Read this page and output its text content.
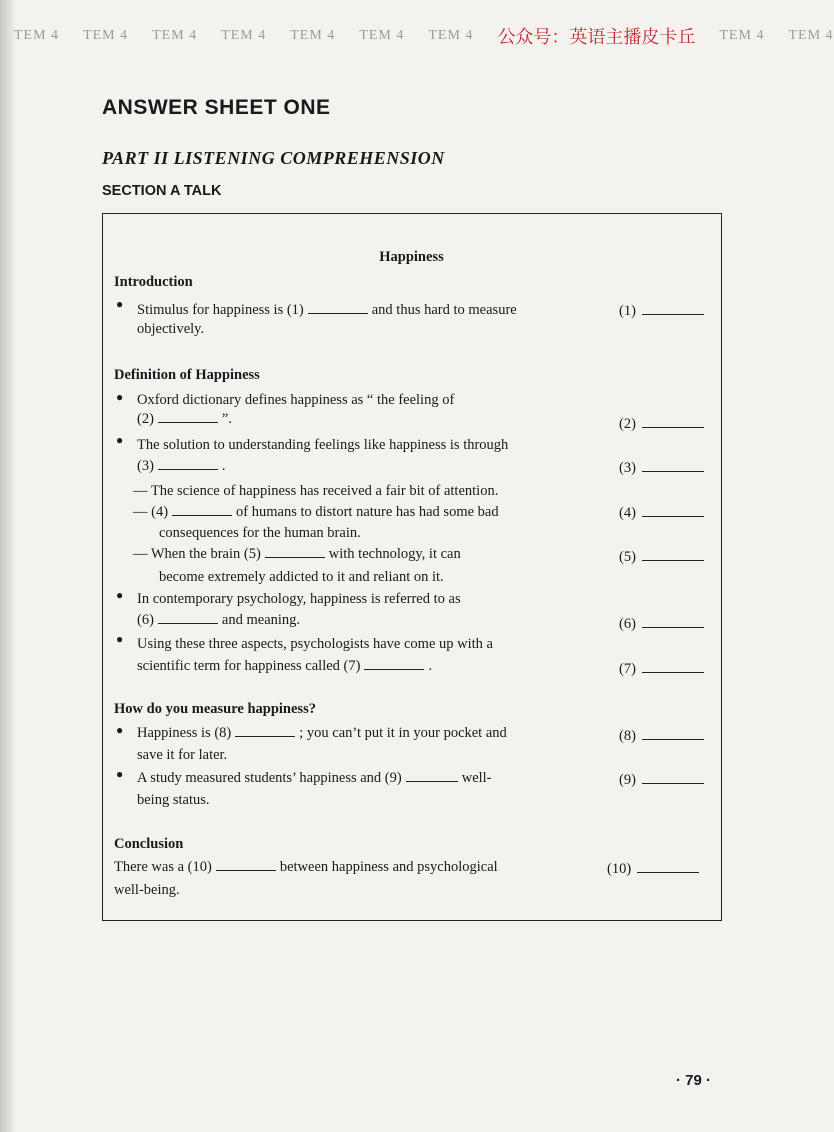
TEM 4 TEM 4 TEM 4 TEM 4 TEM 4 TEM 4 TEM 4 公众号：英语主播皮卡丘 TEM 4 TEM 4
ANSWER SHEET ONE
PART II LISTENING COMPREHENSION
SECTION A TALK
Happiness
Introduction
● Stimulus for happiness is (1)	and thus hard to measure
objectively.
(1)
Definition of Happiness
● Oxford dictionary defines happiness as “ the feeling of
(2)	”.	(2)
● The solution to understanding feelings like happiness is through
(3)	.	(3)
— The science of happiness has received a fair bit of attention.
— (4)	of humans to distort nature has had some bad
consequences for the human brain.
(4)
— When the brain (5)	with technology, it can
become extremely addicted to it and reliant on it.
(5)
● In contemporary psychology, happiness is referred to as
(6)	and meaning.	(6)
● Using these three aspects, psychologists have come up with a
scientific term for happiness called (7)	.	(7)
How do you measure happiness?
● Happiness is (8)	; you can’t put it in your pocket and
save it for later.
(8)
● A study measured students’ happiness and (9)	well-
being status.
(9)
Conclusion
There was a (10)	between happiness and psychological
well-being.
(10)
· 79 ·
